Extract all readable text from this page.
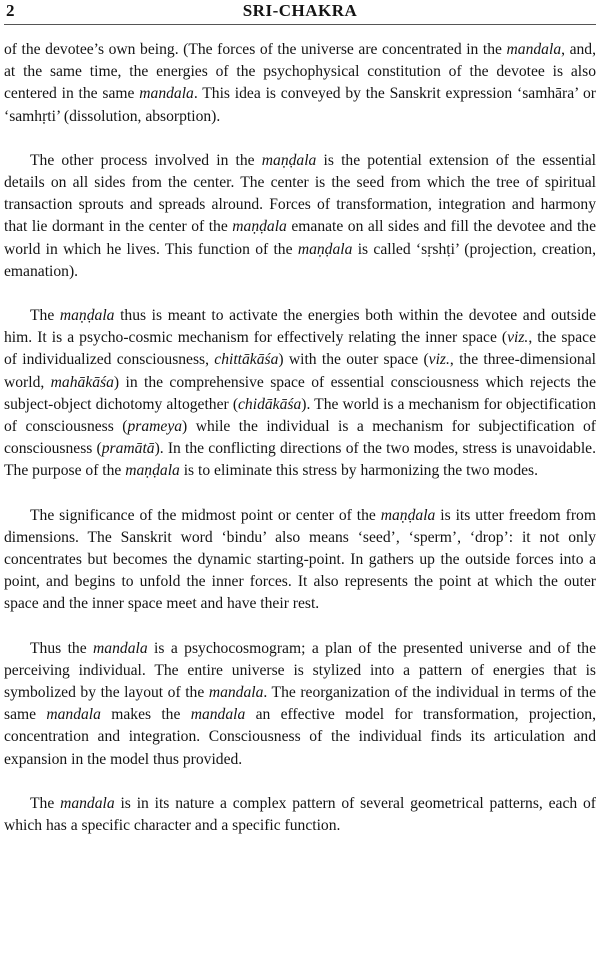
2	SRI-CHAKRA

of the devotee’s own being. (The forces of the universe are concentrated in the mandala, and, at the same time, the energies of the psychophysical constitution of the devotee is also centered in the same mandala. This idea is conveyed by the Sanskrit expression ‘samhāra’ or ‘samhṛti’ (dissolution, absorption).

The other process involved in the maṇḍala is the potential extension of the essential details on all sides from the center. The center is the seed from which the tree of spiritual transaction sprouts and spreads alround. Forces of transformation, integration and harmony that lie dormant in the center of the maṇḍala emanate on all sides and fill the devotee and the world in which he lives. This function of the maṇḍala is called ‘sṛshṭi’ (projection, creation, emanation).

The maṇḍala thus is meant to activate the energies both within the devotee and outside him. It is a psycho-cosmic mechanism for effectively relating the inner space (viz., the space of individualized consciousness, chittākāśa) with the outer space (viz., the three-dimensional world, mahākāśa) in the comprehensive space of essential consciousness which rejects the subject-object dichotomy altogether (chidākāśa). The world is a mechanism for objectification of consciousness (prameya) while the individual is a mechanism for subjectification of consciousness (pramātā). In the conflicting directions of the two modes, stress is unavoidable. The purpose of the maṇḍala is to eliminate this stress by harmonizing the two modes.

The significance of the midmost point or center of the maṇḍala is its utter freedom from dimensions. The Sanskrit word ‘bindu’ also means ‘seed’, ‘sperm’, ‘drop’: it not only concentrates but becomes the dynamic starting-point. In gathers up the outside forces into a point, and begins to unfold the inner forces. It also represents the point at which the outer space and the inner space meet and have their rest.

Thus the mandala is a psychocosmogram; a plan of the presented universe and of the perceiving individual. The entire universe is stylized into a pattern of energies that is symbolized by the layout of the mandala. The reorganization of the individual in terms of the same mandala makes the mandala an effective model for transformation, projection, concentration and integration. Consciousness of the individual finds its articulation and expansion in the model thus provided.

The mandala is in its nature a complex pattern of several geometrical patterns, each of which has a specific character and a specific function.
